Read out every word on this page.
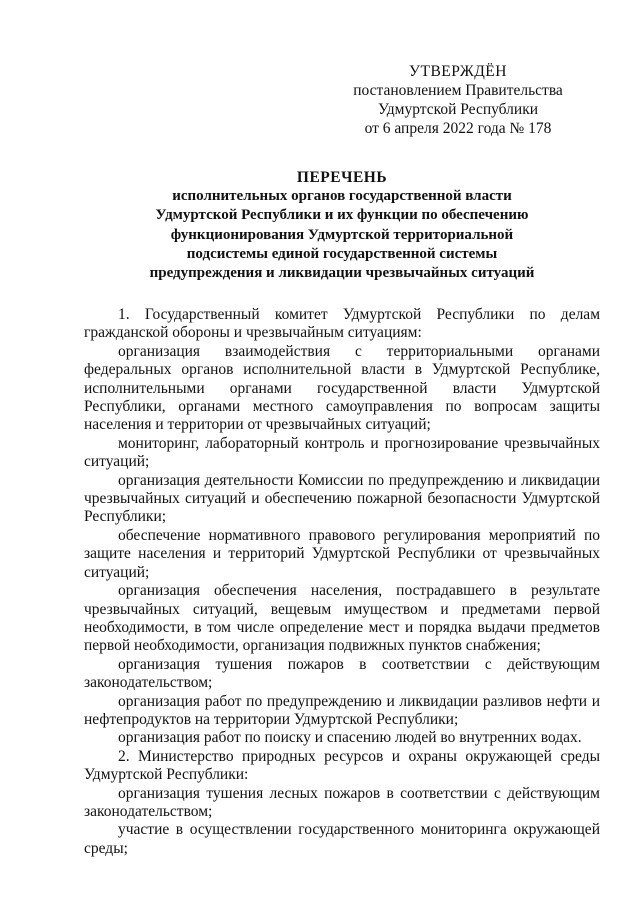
УТВЕРЖДЁН
постановлением Правительства
Удмуртской Республики
от 6 апреля 2022 года № 178
ПЕРЕЧЕНЬ
исполнительных органов государственной власти
Удмуртской Республики и их функции по обеспечению
функционирования Удмуртской территориальной
подсистемы единой государственной системы
предупреждения и ликвидации чрезвычайных ситуаций

1. Государственный комитет Удмуртской Республики по делам гражданской обороны и чрезвычайным ситуациям:

организация взаимодействия с территориальными органами федеральных органов исполнительной власти в Удмуртской Республике, исполнительными органами государственной власти Удмуртской Республики, органами местного самоуправления по вопросам защиты населения и территории от чрезвычайных ситуаций;

мониторинг, лабораторный контроль и прогнозирование чрезвычайных ситуаций;

организация деятельности Комиссии по предупреждению и ликвидации чрезвычайных ситуаций и обеспечению пожарной безопасности Удмуртской Республики;

обеспечение нормативного правового регулирования мероприятий по защите населения и территорий Удмуртской Республики от чрезвычайных ситуаций;

организация обеспечения населения, пострадавшего в результате чрезвычайных ситуаций, вещевым имуществом и предметами первой необходимости, в том числе определение мест и порядка выдачи предметов первой необходимости, организация подвижных пунктов снабжения;

организация тушения пожаров в соответствии с действующим законодательством;

организация работ по предупреждению и ликвидации разливов нефти и нефтепродуктов на территории Удмуртской Республики;

организация работ по поиску и спасению людей во внутренних водах.

2. Министерство природных ресурсов и охраны окружающей среды Удмуртской Республики:

организация тушения лесных пожаров в соответствии с действующим законодательством;

участие в осуществлении государственного мониторинга окружающей среды;
